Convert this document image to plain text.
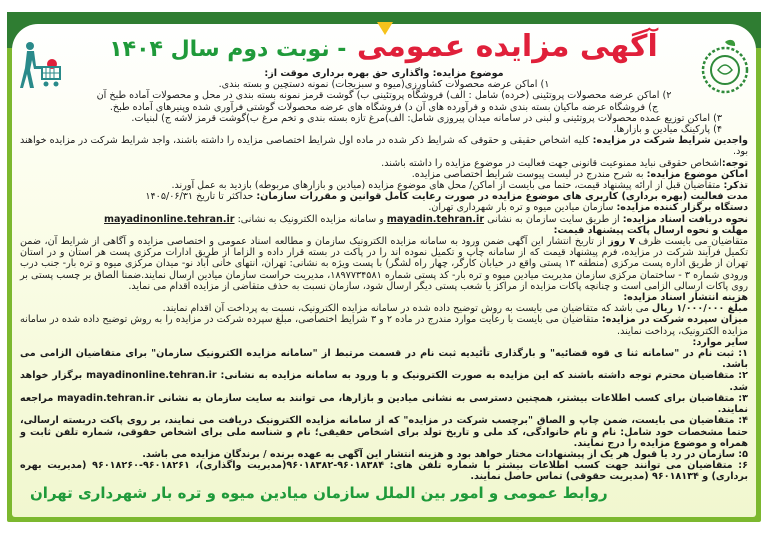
آگهی مزایده عمومی - نوبت دوم سال ۱۴۰۴
موضوع مزایده: واگذاری حق بهره برداری موقت از:
۱) اماکن عرضه محصولات کشاورزی(میوه و سبزیجات) نمونه دستچین و بسته بندی.
۲) اماکن عرضه محصولات پروتئینی (خرده) شامل : الف) فروشگاه پروتئینی ب) گوشت قرمز نمونه بسته بندی در محل و محصولات آماده طبخ آن
ج) فروشگاه عرضه ماکیان بسته بندی شده و فرآورده های آن د) فروشگاه های عرضه محصولات گوشتی فرآوری شده وپنیرهای آماده طبخ.
۳) اماکن توزیع عمده محصولات پروتئینی و لبنی در سامانه میدان پیروزی شامل: الف)مرغ تازه بسته بندی و تخم مرغ ب)گوشت قرمز لاشه ج) لبنیات.
۴) پارکینگ میادین و بازارها.

واجدین شرایط شرکت در مزایده: کلیه اشخاص حقیقی و حقوقی که شرایط ذکر شده در ماده اول شرایط اختصاصی مزایده را داشته باشند، واجد شرایط شرکت در مزایده خواهند بود.

توجه:اشخاص حقوقی نباید ممنوعیت قانونی جهت فعالیت در موضوع مزایده را داشته باشند.

اماکن موضوع مزایده: به شرح مندرج در لیست پیوست شرایط اختصاصی مزایده.

تذکر: متقاضیان قبل از ارائه پیشنهاد قیمت، حتما می بایست از اماکن/ محل های موضوع مزایده (میادین و بازارهای مربوطه) بازدید به عمل آورند.

مدت فعالیت (بهره برداری) کاربری های موضوع مزایده در صورت رعایت کامل قوانین و مقررات سازمان: حداکثر تا تاریخ ۱۴۰۵/۰۶/۳۱

دستگاه برگزار کننده مزایده: سازمان میادین میوه و تره بار شهرداری تهران.

نحوه دریافت اسناد مزایده: از طریق سایت سازمان به نشانی mayadin.tehran.ir و سامانه مزایده الکترونیک به نشانی: mayadinonline.tehran.ir

مهلت و نحوه ارسال پاکت پیشنهاد قیمت:

متقاضیان می بایست ظرف ۷ روز از تاریخ انتشار این آگهی ضمن ورود به سامانه مزایده الکترونیک سازمان و مطالعه اسناد عمومی و اختصاصی مزایده و آگاهی از شرایط آن، ضمن تکمیل فرآیند شرکت در مزایده، فرم پیشنهاد قیمت که از سامانه چاپ و تکمیل نموده اند را در پاکت در بسته قرار داده و الزاما از طریق ادارات مرکزی پست هر استان و در استان تهران از طریق اداره پست مرکزی (منطقه ۱۳ پستی واقع در خیابان کارگر، چهار راه لشگر) با پست ویژه به نشانی: تهران، انتهای خانی آباد نو- میدان مرکزی میوه و تره بار- جنب درب ورودی شماره ۳ - ساختمان مرکزی سازمان مدیریت میادین میوه و تره بار- کد پستی شماره ۱۸۹۷۷۳۴۵۸۱، مدیریت حراست سازمان میادین ارسال نمایند.ضمنا الصاق بر چسب پستی بر روی پاکات ارسالی الزامی است و چنانچه پاکات مزایده از مراکز یا شعب پستی دیگر ارسال شود، سازمان نسبت به حذف متقاضی از مزایده اقدام می نماید.

هزینه انتشار اسناد مزایده:

مبلغ ۱/۰۰۰/۰۰۰ ریال می باشد که متقاضیان می بایست به روش توضیح داده شده در سامانه مزایده الکترونیک، نسبت به پرداخت آن اقدام نمایند.

میزان سپرده شرکت در مزایده: متقاضیان می بایست با رعایت موارد مندرج در ماده ۲ و ۳ شرایط اختصاصی، مبلغ سپرده شرکت در مزایده را به روش توضیح داده شده در سامانه مزایده الکترونیک، پرداخت نمایند.

سایر موارد:

۱: ثبت نام در "سامانه ثنا ی قوه قضائیه" و بارگذاری تأئیدیه ثبت نام در قسمت مرتبط از "سامانه مزایده الکترونیک سازمان" برای متقاضیان الزامی می باشد.

۲: متقاضیان محترم توجه داشته باشند که این مزایده به صورت الکترونیک و با ورود به سامانه مزایده به نشانی: mayadinonline.tehran.ir برگزار خواهد شد.

۳: متقاضیان برای کسب اطلاعات بیشتر، همچنین دسترسی به نشانی میادین و بازارها، می توانند به سایت سازمان به نشانی mayadin.tehran.ir مراجعه نمایند.

۴: متقاضیان می بایست، ضمن چاپ و الصاق "برچسب شرکت در مزایده" که از سامانه مزایده الکترونیک دریافت می نمایند، بر روی پاکت دربسته ارسالی، حتما مشخصات خود شامل: نام و نام خانوادگی، کد ملی و تاریخ تولد برای اشخاص حقیقی؛ نام و شناسه ملی برای اشخاص حقوقی، شماره تلفن ثابت و همراه و موضوع مزایده را درج نمایند.

۵: سازمان در رد یا قبول هر یک از پیشنهادات مختار خواهد بود و هزینه انتشار این آگهی به عهده برنده / برندگان مزایده می باشد.

۶: متقاضیان می توانند جهت کسب اطلاعات بیشتر با شماره تلفن های: ۹۶۰۱۸۳۸۴-۹۶۰۱۸۳۸۲(مدیریت واگذاری)، ۹۶۰۱۸۲۶۱-۹۶۰۱۸۲۶۰ (مدیریت بهره برداری) و ۹۶۰۱۸۱۳۴ (مدیریت حقوقی) تماس حاصل نمایند.

روابط عمومی و امور بین الملل سازمان میادین میوه و تره بار شهرداری تهران
